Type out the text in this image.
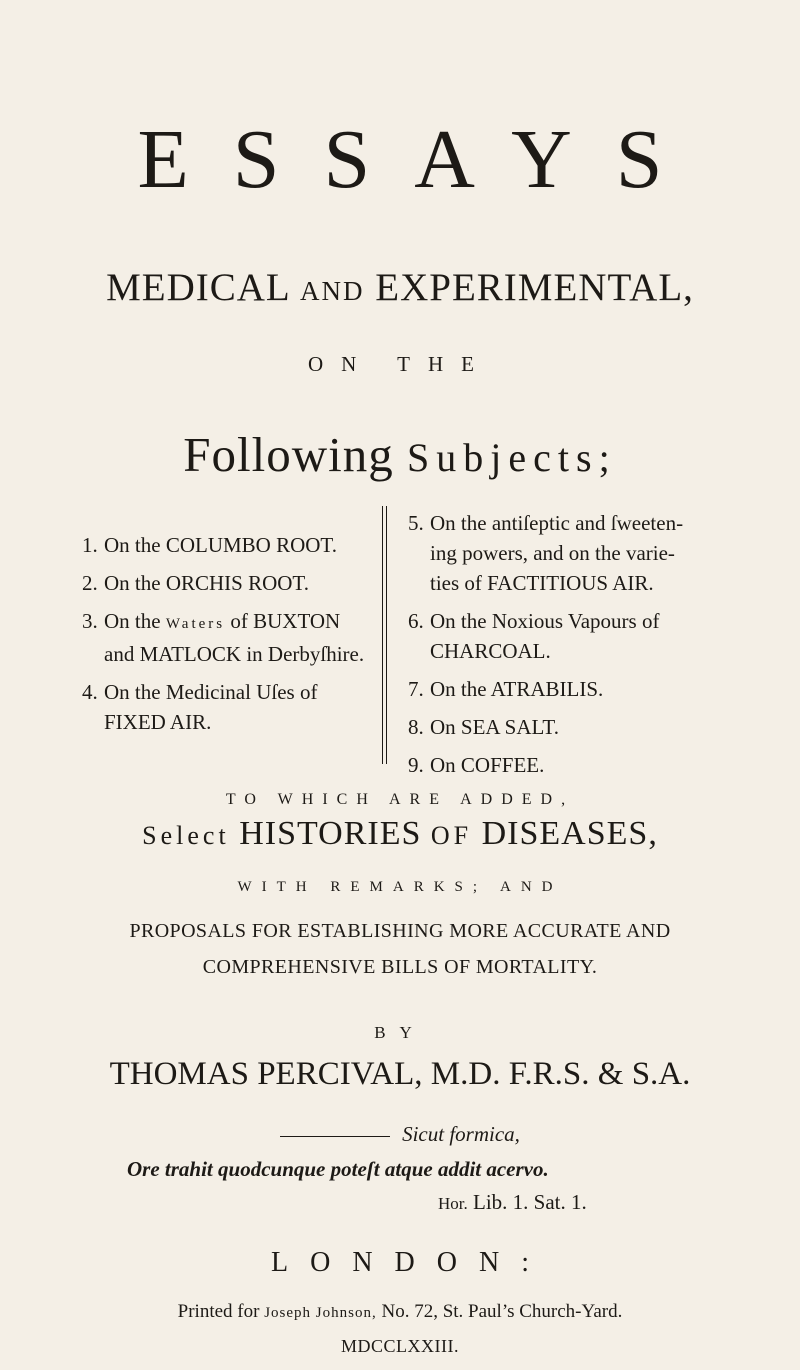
ESSAYS
MEDICAL AND EXPERIMENTAL,
ON THE
Following Subjects;
1. On the COLUMBO ROOT.
2. On the ORCHIS ROOT.
3. On the Waters of BUXTON
and MATLOCK in Derbyſhire.
4. On the Medicinal Uſes of
FIXED AIR.
5. On the antiſeptic and ſweeten-
ing powers, and on the varie-
ties of FACTITIOUS AIR.
6. On the Noxious Vapours of
CHARCOAL.
7. On the ATRABILIS.
8. On SEA SALT.
9. On COFFEE.
TO WHICH ARE ADDED,
Select HISTORIES OF DISEASES,
WITH REMARKS; AND
PROPOSALS FOR ESTABLISHING MORE ACCURATE AND
COMPREHENSIVE BILLS OF MORTALITY.
BY
THOMAS PERCIVAL, M.D. F.R.S. & S.A.
Sicut formica,
Ore trahit quodcunque poteſt atque addit acervo.
Hor. Lib. 1. Sat. 1.
LONDON:
Printed for Joseph Johnson, No. 72, St. Paul’s Church-Yard.
MDCCLXXIII.
